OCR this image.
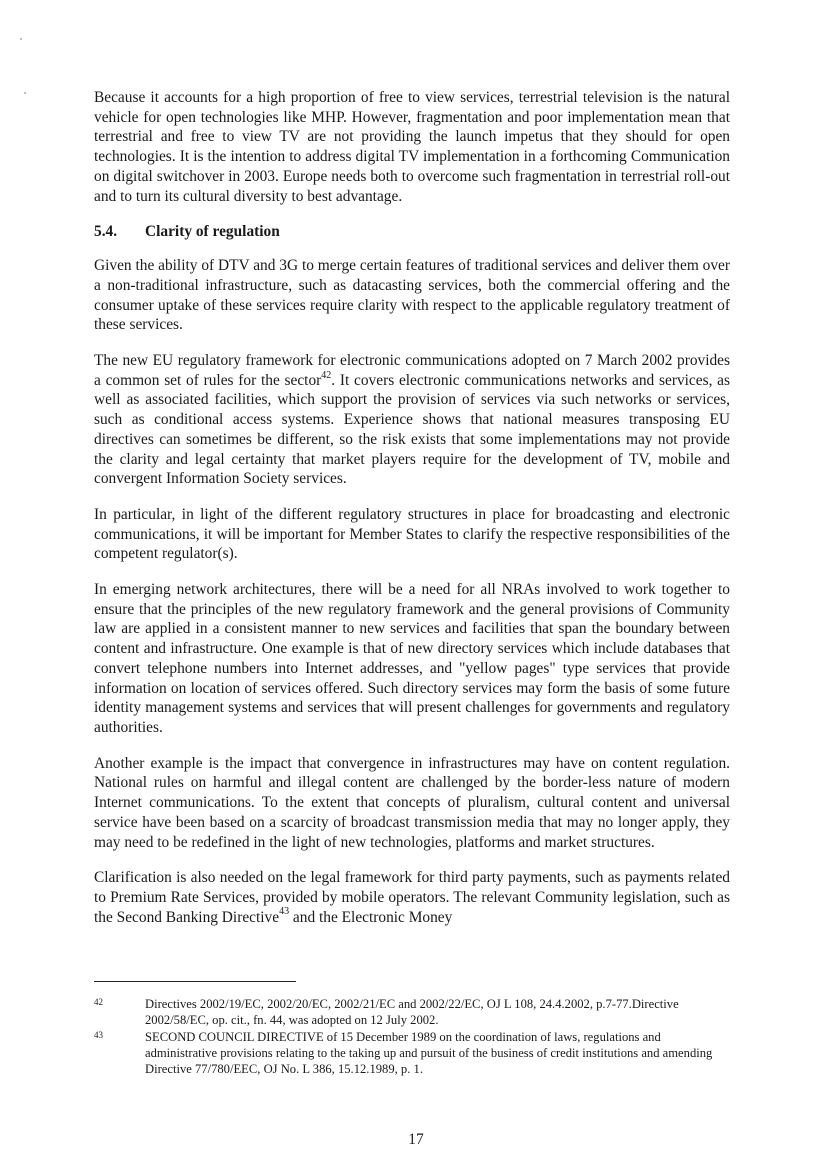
Because it accounts for a high proportion of free to view services, terrestrial television is the natural vehicle for open technologies like MHP. However, fragmentation and poor implementation mean that terrestrial and free to view TV are not providing the launch impetus that they should for open technologies. It is the intention to address digital TV implementation in a forthcoming Communication on digital switchover in 2003. Europe needs both to overcome such fragmentation in terrestrial roll-out and to turn its cultural diversity to best advantage.

5.4. Clarity of regulation

Given the ability of DTV and 3G to merge certain features of traditional services and deliver them over a non-traditional infrastructure, such as datacasting services, both the commercial offering and the consumer uptake of these services require clarity with respect to the applicable regulatory treatment of these services.

The new EU regulatory framework for electronic communications adopted on 7 March 2002 provides a common set of rules for the sector$^{42}$. It covers electronic communications networks and services, as well as associated facilities, which support the provision of services via such networks or services, such as conditional access systems. Experience shows that national measures transposing EU directives can sometimes be different, so the risk exists that some implementations may not provide the clarity and legal certainty that market players require for the development of TV, mobile and convergent Information Society services.

In particular, in light of the different regulatory structures in place for broadcasting and electronic communications, it will be important for Member States to clarify the respective responsibilities of the competent regulator(s).

In emerging network architectures, there will be a need for all NRAs involved to work together to ensure that the principles of the new regulatory framework and the general provisions of Community law are applied in a consistent manner to new services and facilities that span the boundary between content and infrastructure. One example is that of new directory services which include databases that convert telephone numbers into Internet addresses, and "yellow pages" type services that provide information on location of services offered. Such directory services may form the basis of some future identity management systems and services that will present challenges for governments and regulatory authorities.

Another example is the impact that convergence in infrastructures may have on content regulation. National rules on harmful and illegal content are challenged by the border-less nature of modern Internet communications. To the extent that concepts of pluralism, cultural content and universal service have been based on a scarcity of broadcast transmission media that may no longer apply, they may need to be redefined in the light of new technologies, platforms and market structures.

Clarification is also needed on the legal framework for third party payments, such as payments related to Premium Rate Services, provided by mobile operators. The relevant Community legislation, such as the Second Banking Directive$^{43}$ and the Electronic Money

42	Directives 2002/19/EC, 2002/20/EC, 2002/21/EC and 2002/22/EC, OJ L 108, 24.4.2002, p.7-77.Directive 2002/58/EC, op. cit., fn. 44, was adopted on 12 July 2002.
43	SECOND COUNCIL DIRECTIVE of 15 December 1989 on the coordination of laws, regulations and administrative provisions relating to the taking up and pursuit of the business of credit institutions and amending Directive 77/780/EEC, OJ No. L 386, 15.12.1989, p. 1.
17
